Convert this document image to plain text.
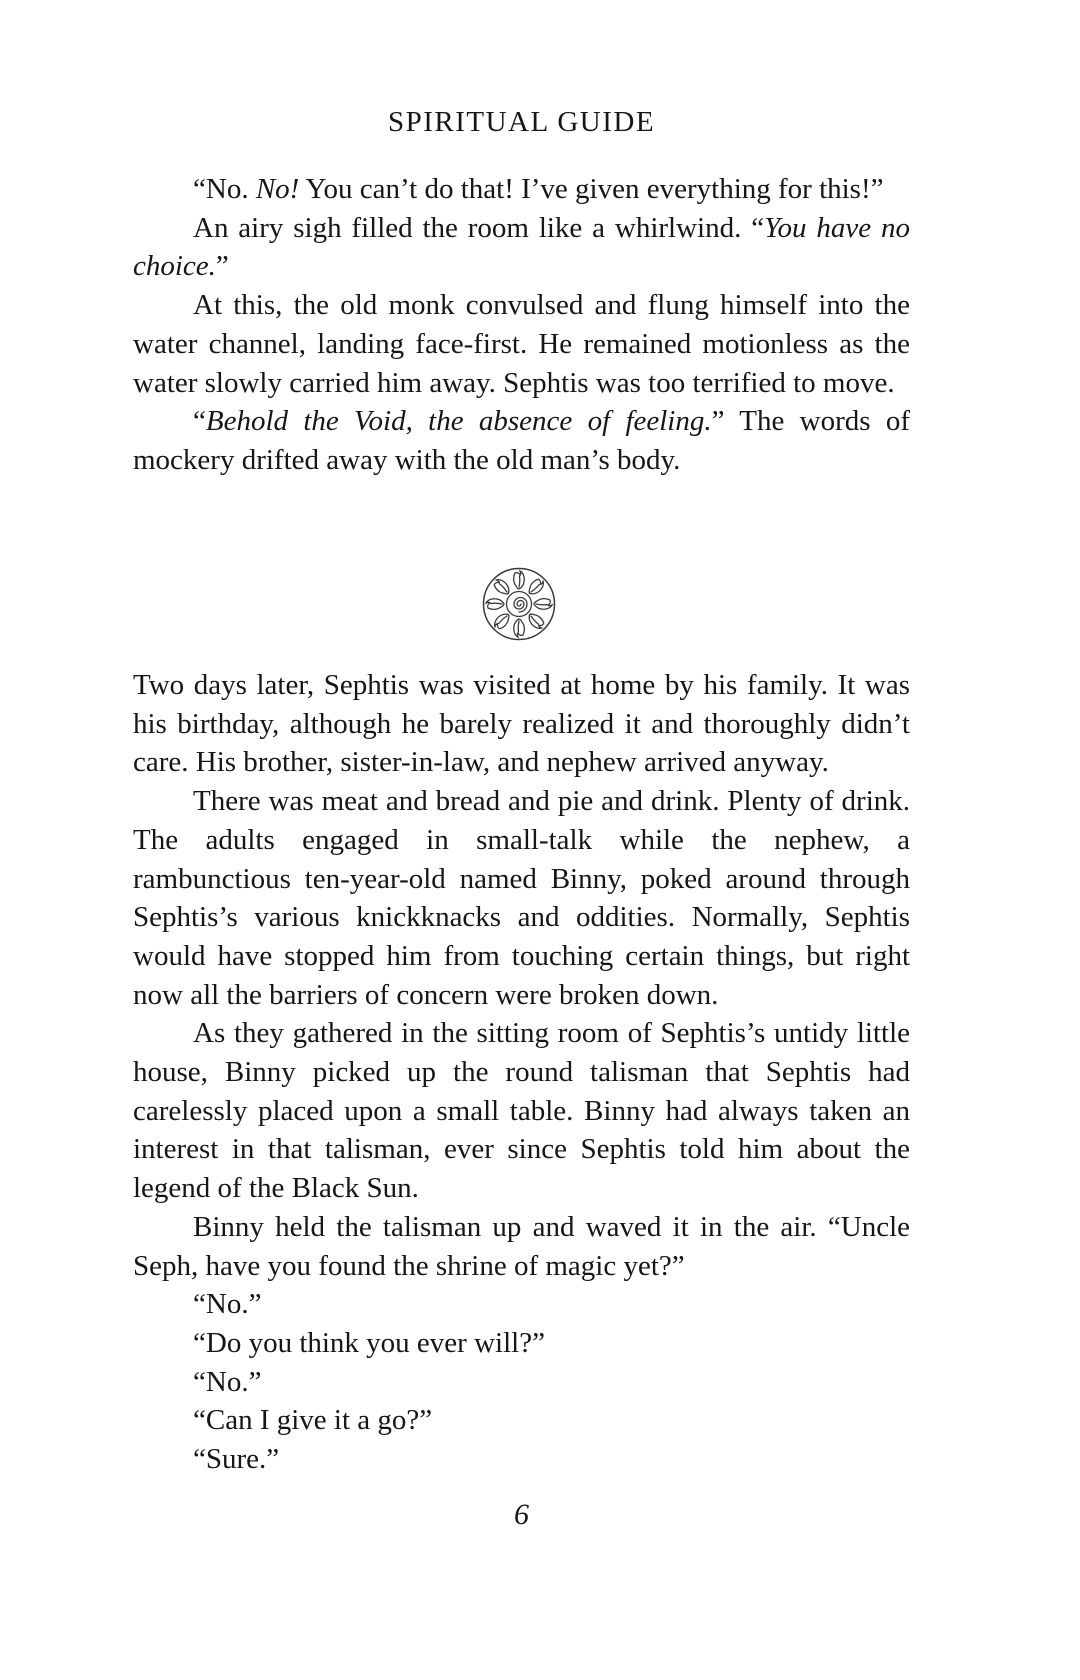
SPIRITUAL GUIDE

“No. No! You can’t do that! I’ve given everything for this!”

An airy sigh filled the room like a whirlwind. “You have no choice.”

At this, the old monk convulsed and flung himself into the water channel, landing face-first. He remained motionless as the water slowly carried him away. Sephtis was too terrified to move.

“Behold the Void, the absence of feeling.” The words of mockery drifted away with the old man’s body.

Two days later, Sephtis was visited at home by his family. It was his birthday, although he barely realized it and thoroughly didn’t care. His brother, sister-in-law, and nephew arrived anyway.

There was meat and bread and pie and drink. Plenty of drink. The adults engaged in small-talk while the nephew, a rambunctious ten-year-old named Binny, poked around through Sephtis’s various knickknacks and oddities. Normally, Sephtis would have stopped him from touching certain things, but right now all the barriers of concern were broken down.

As they gathered in the sitting room of Sephtis’s untidy little house, Binny picked up the round talisman that Sephtis had carelessly placed upon a small table. Binny had always taken an interest in that talisman, ever since Sephtis told him about the legend of the Black Sun.

Binny held the talisman up and waved it in the air. “Uncle Seph, have you found the shrine of magic yet?”

“No.”

“Do you think you ever will?”

“No.”

“Can I give it a go?”

“Sure.”

6
